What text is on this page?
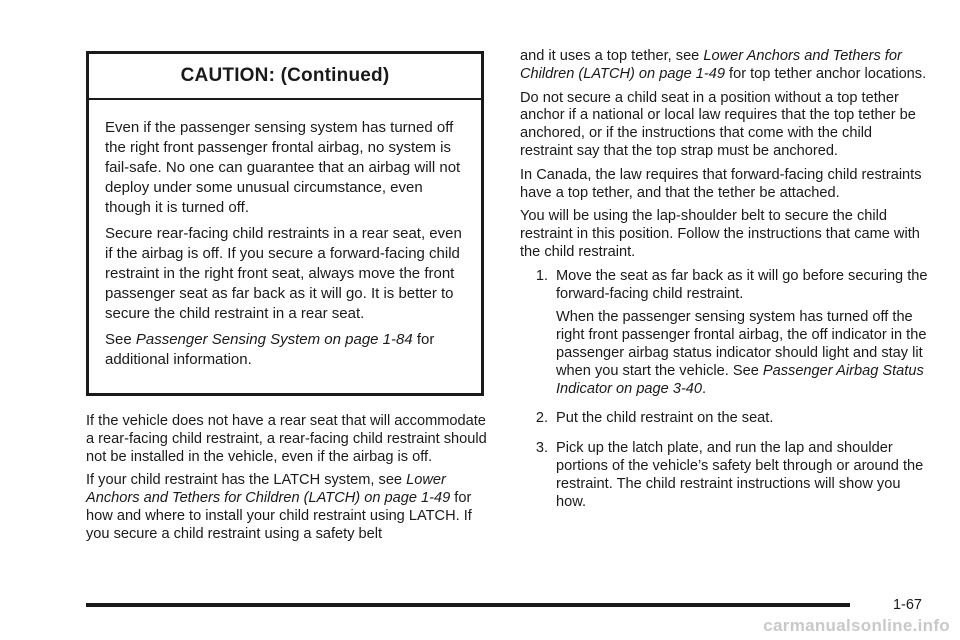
CAUTION: (Continued)

Even if the passenger sensing system has turned off the right front passenger frontal airbag, no system is fail-safe. No one can guarantee that an airbag will not deploy under some unusual circumstance, even though it is turned off.

Secure rear-facing child restraints in a rear seat, even if the airbag is off. If you secure a forward-facing child restraint in the right front seat, always move the front passenger seat as far back as it will go. It is better to secure the child restraint in a rear seat.

See Passenger Sensing System on page 1-84 for additional information.

If the vehicle does not have a rear seat that will accommodate a rear-facing child restraint, a rear-facing child restraint should not be installed in the vehicle, even if the airbag is off.

If your child restraint has the LATCH system, see Lower Anchors and Tethers for Children (LATCH) on page 1-49 for how and where to install your child restraint using LATCH. If you secure a child restraint using a safety belt

and it uses a top tether, see Lower Anchors and Tethers for Children (LATCH) on page 1-49 for top tether anchor locations.

Do not secure a child seat in a position without a top tether anchor if a national or local law requires that the top tether be anchored, or if the instructions that come with the child restraint say that the top strap must be anchored.

In Canada, the law requires that forward-facing child restraints have a top tether, and that the tether be attached.

You will be using the lap-shoulder belt to secure the child restraint in this position. Follow the instructions that came with the child restraint.

1. Move the seat as far back as it will go before securing the forward-facing child restraint.

When the passenger sensing system has turned off the right front passenger frontal airbag, the off indicator in the passenger airbag status indicator should light and stay lit when you start the vehicle. See Passenger Airbag Status Indicator on page 3-40.

2. Put the child restraint on the seat.

3. Pick up the latch plate, and run the lap and shoulder portions of the vehicle’s safety belt through or around the restraint. The child restraint instructions will show you how.

1-67
carmanualsonline.info
